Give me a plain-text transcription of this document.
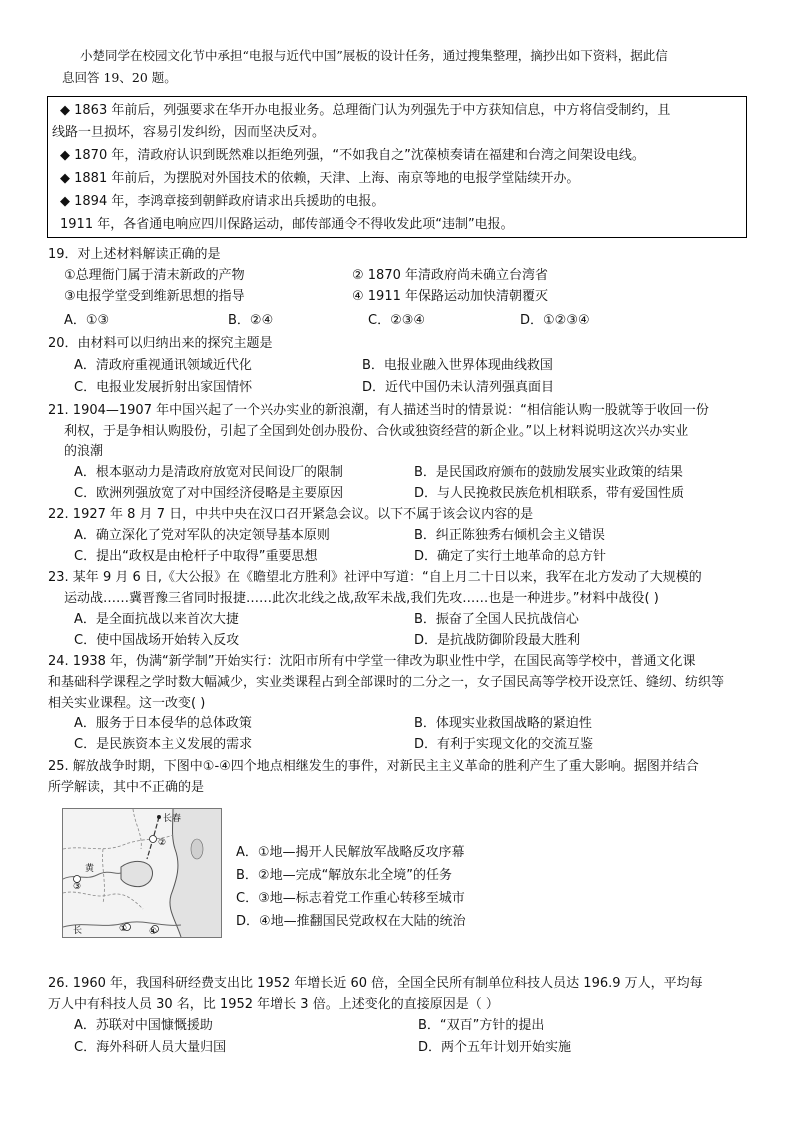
小楚同学在校园文化节中承担“电报与近代中国”展板的设计任务，通过搜集整理，摘抄出如下资料，据此信
息回答 19、20 题。
◆ 1863 年前后，列强要求在华开办电报业务。总理衙门认为列强先于中方获知信息，中方将信受制约，且
线路一旦损坏，容易引发纠纷，因而坚决反对。
◆ 1870 年，清政府认识到既然难以拒绝列强，“不如我自之”沈葆桢奏请在福建和台湾之间架设电线。
◆ 1881 年前后，为摆脱对外国技术的依赖，天津、上海、南京等地的电报学堂陆续开办。
◆ 1894 年，李鸿章接到朝鲜政府请求出兵援助的电报。
1911 年，各省通电响应四川保路运动，邮传部通令不得收发此项“违制”电报。
19．对上述材料解读正确的是
①总理衙门属于清末新政的产物	② 1870 年清政府尚未确立台湾省
③电报学堂受到维新思想的指导	④ 1911 年保路运动加快清朝覆灭
A．①③	B．②④	C．②③④	D．①②③④
20．由材料可以归纳出来的探究主题是
A．清政府重视通讯领域近代化	B．电报业融入世界体现曲线救国
C．电报业发展折射出家国情怀	D．近代中国仍未认清列强真面目
21. 1904—1907 年中国兴起了一个兴办实业的新浪潮，有人描述当时的情景说：“相信能认购一股就等于收回一份
利权，于是争相认购股份，引起了全国到处创办股份、合伙或独资经营的新企业。”以上材料说明这次兴办实业
的浪潮
A．根本驱动力是清政府放宽对民间设厂的限制	B．是民国政府颁布的鼓励发展实业政策的结果
C．欧洲列强放宽了对中国经济侵略是主要原因	D．与人民挽救民族危机相联系，带有爱国性质
22. 1927 年 8 月 7 日，中共中央在汉口召开紧急会议。以下不属于该会议内容的是
A．确立深化了党对军队的决定领导基本原则	B．纠正陈独秀右倾机会主义错误
C．提出“政权是由枪杆子中取得”重要思想	D．确定了实行土地革命的总方针
23. 某年 9 月 6 日,《大公报》在《瞻望北方胜利》社评中写道：“自上月二十日以来，我军在北方发动了大规模的
运动战……冀晋豫三省同时报捷……此次北线之战,敌军未战,我们先攻……也是一种进步。”材料中战役( )
A．是全面抗战以来首次大捷	B．振奋了全国人民抗战信心
C．使中国战场开始转入反攻	D．是抗战防御阶段最大胜利
24. 1938 年，伪满“新学制”开始实行：沈阳市所有中学堂一律改为职业性中学，在国民高等学校中，普通文化课
和基础科学课程之学时数大幅减少，实业类课程占到全部课时的二分之一，女子国民高等学校开设烹饪、缝纫、纺织等
相关实业课程。这一改变( )
A．服务于日本侵华的总体政策	B．体现实业救国战略的紧迫性
C．是民族资本主义发展的需求	D．有利于实现文化的交流互鉴
25. 解放战争时期，下图中①-④四个地点相继发生的事件，对新民主主义革命的胜利产生了重大影响。据图并结合
所学解读，其中不正确的是
长春
黄
③
②
① ④
长
A．①地—揭开人民解放军战略反攻序幕
B．②地—完成“解放东北全境”的任务
C．③地—标志着党工作重心转移至城市
D．④地—推翻国民党政权在大陆的统治
26. 1960 年，我国科研经费支出比 1952 年增长近 60 倍，全国全民所有制单位科技人员达 196.9 万人，平均每
万人中有科技人员 30 名，比 1952 年增长 3 倍。上述变化的直接原因是（ ）
A．苏联对中国慷慨援助	B．“双百”方针的提出
C．海外科研人员大量归国	D．两个五年计划开始实施
